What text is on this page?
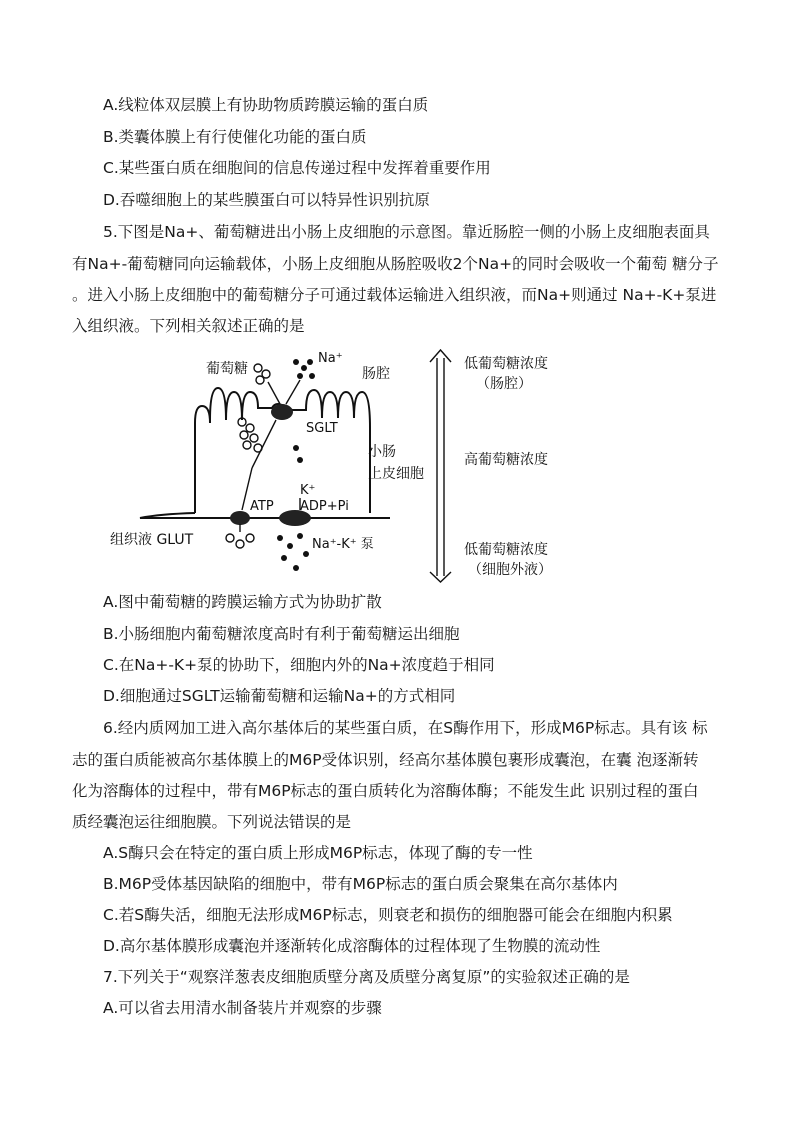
A.线粒体双层膜上有协助物质跨膜运输的蛋白质
B.类囊体膜上有行使催化功能的蛋白质
C.某些蛋白质在细胞间的信息传递过程中发挥着重要作用
D.吞噬细胞上的某些膜蛋白可以特异性识别抗原
5.下图是Na+、葡萄糖进出小肠上皮细胞的示意图。靠近肠腔一侧的小肠上皮细胞表面具
有Na+-葡萄糖同向运输载体，小肠上皮细胞从肠腔吸收2个Na+的同时会吸收一个葡萄 糖分子
。进入小肠上皮细胞中的葡萄糖分子可通过载体运输进入组织液，而Na+则通过 Na+-K+泵进
入组织液。下列相关叙述正确的是
葡萄糖
Na⁺
肠腔
SGLT
小肠
上皮细胞
ATP
K⁺
ADP+Pi
组织液 GLUT	Na⁺-K⁺ 泵
低葡萄糖浓度
（肠腔）
高葡萄糖浓度
低葡萄糖浓度
（细胞外液）
A.图中葡萄糖的跨膜运输方式为协助扩散
B.小肠细胞内葡萄糖浓度高时有利于葡萄糖运出细胞
C.在Na+-K+泵的协助下，细胞内外的Na+浓度趋于相同
D.细胞通过SGLT运输葡萄糖和运输Na+的方式相同
6.经内质网加工进入高尔基体后的某些蛋白质，在S酶作用下，形成M6P标志。具有该 标
志的蛋白质能被高尔基体膜上的M6P受体识别，经高尔基体膜包裹形成囊泡，在囊 泡逐渐转
化为溶酶体的过程中，带有M6P标志的蛋白质转化为溶酶体酶；不能发生此 识别过程的蛋白
质经囊泡运往细胞膜。下列说法错误的是
A.S酶只会在特定的蛋白质上形成M6P标志，体现了酶的专一性
B.M6P受体基因缺陷的细胞中，带有M6P标志的蛋白质会聚集在高尔基体内
C.若S酶失活，细胞无法形成M6P标志，则衰老和损伤的细胞器可能会在细胞内积累
D.高尔基体膜形成囊泡并逐渐转化成溶酶体的过程体现了生物膜的流动性
7.下列关于“观察洋葱表皮细胞质壁分离及质壁分离复原”的实验叙述正确的是
A.可以省去用清水制备装片并观察的步骤
